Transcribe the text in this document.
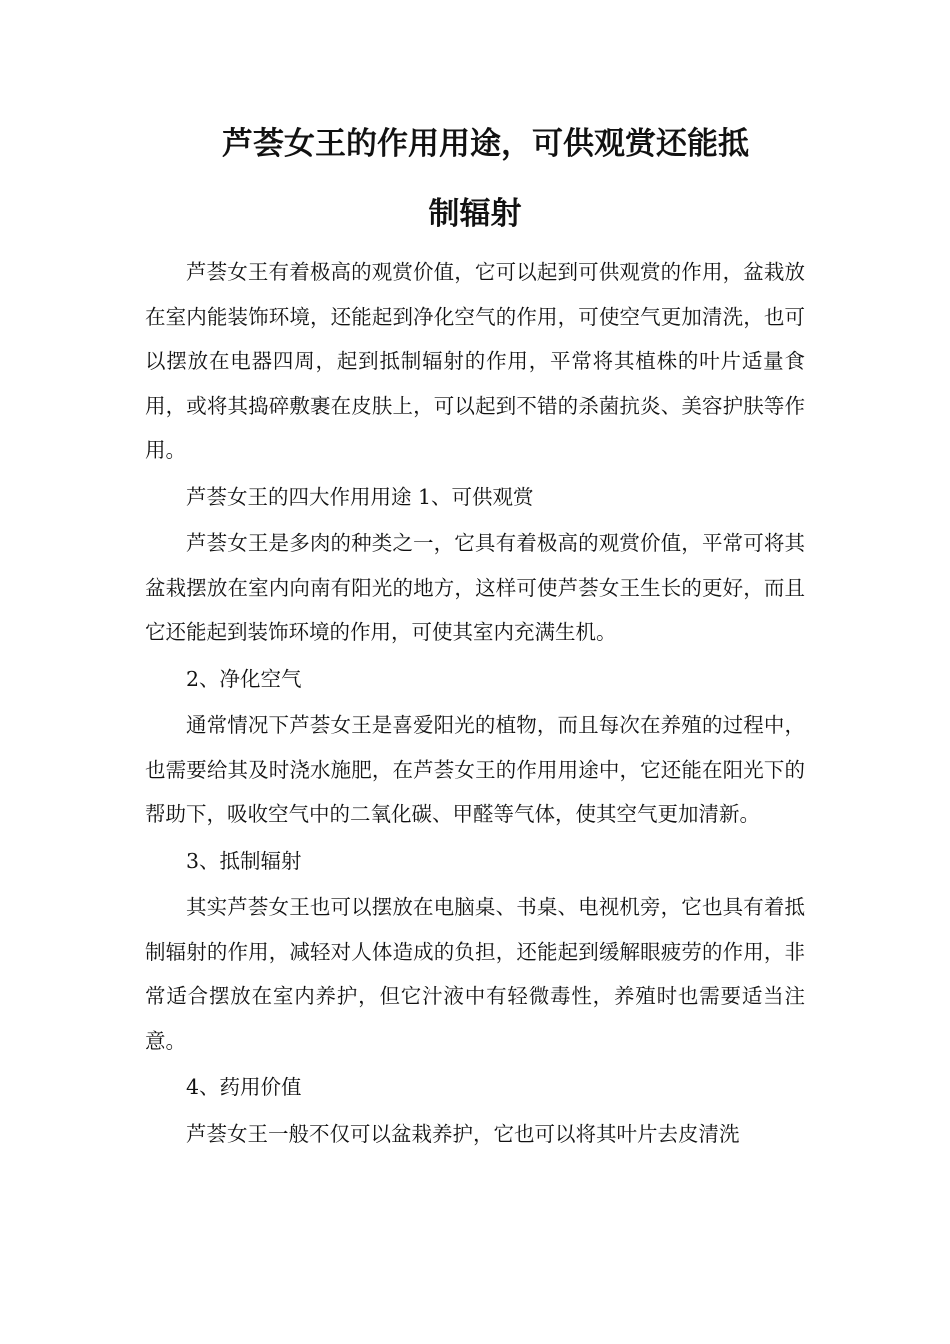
芦荟女王的作用用途，可供观赏还能抵
制辐射

芦荟女王有着极高的观赏价值，它可以起到可供观赏的作用，盆栽放在室内能装饰环境，还能起到净化空气的作用，可使空气更加清洗，也可以摆放在电器四周，起到抵制辐射的作用，平常将其植株的叶片适量食用，或将其捣碎敷裹在皮肤上，可以起到不错的杀菌抗炎、美容护肤等作用。

芦荟女王的四大作用用途 1、可供观赏

芦荟女王是多肉的种类之一，它具有着极高的观赏价值，平常可将其盆栽摆放在室内向南有阳光的地方，这样可使芦荟女王生长的更好，而且它还能起到装饰环境的作用，可使其室内充满生机。

2、净化空气

通常情况下芦荟女王是喜爱阳光的植物，而且每次在养殖的过程中，也需要给其及时浇水施肥，在芦荟女王的作用用途中，它还能在阳光下的帮助下，吸收空气中的二氧化碳、甲醛等气体，使其空气更加清新。

3、抵制辐射

其实芦荟女王也可以摆放在电脑桌、书桌、电视机旁，它也具有着抵制辐射的作用，减轻对人体造成的负担，还能起到缓解眼疲劳的作用，非常适合摆放在室内养护，但它汁液中有轻微毒性，养殖时也需要适当注意。

4、药用价值

芦荟女王一般不仅可以盆栽养护，它也可以将其叶片去皮清洗
